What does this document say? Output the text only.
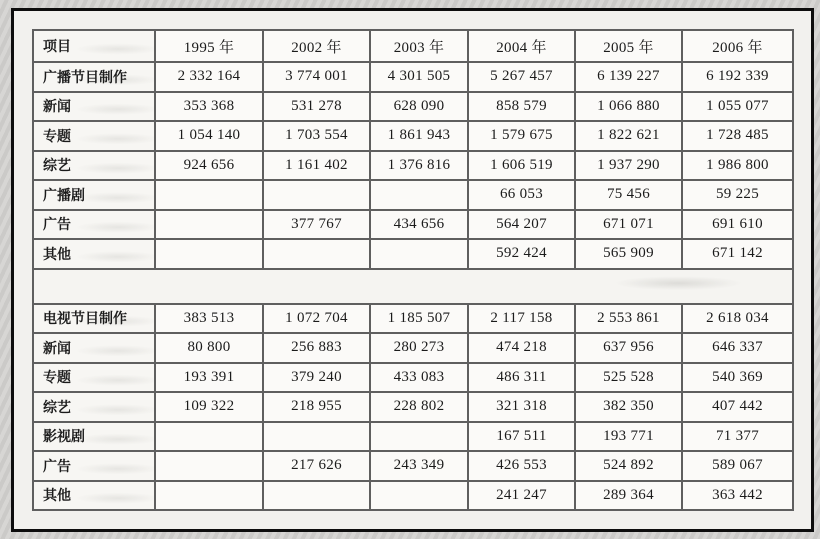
项目	1995 年	2002 年	2003 年	2004 年	2005 年	2006 年
广播节目制作	2 332 164	3 774 001	4 301 505	5 267 457	6 139 227	6 192 339
新闻	353 368	531 278	628 090	858 579	1 066 880	1 055 077
专题	1 054 140	1 703 554	1 861 943	1 579 675	1 822 621	1 728 485
综艺	924 656	1 161 402	1 376 816	1 606 519	1 937 290	1 986 800
广播剧				66 053	75 456	59 225
广告		377 767	434 656	564 207	671 071	691 610
其他				592 424	565 909	671 142

电视节目制作	383 513	1 072 704	1 185 507	2 117 158	2 553 861	2 618 034
新闻	80 800	256 883	280 273	474 218	637 956	646 337
专题	193 391	379 240	433 083	486 311	525 528	540 369
综艺	109 322	218 955	228 802	321 318	382 350	407 442
影视剧				167 511	193 771	71 377
广告		217 626	243 349	426 553	524 892	589 067
其他				241 247	289 364	363 442
